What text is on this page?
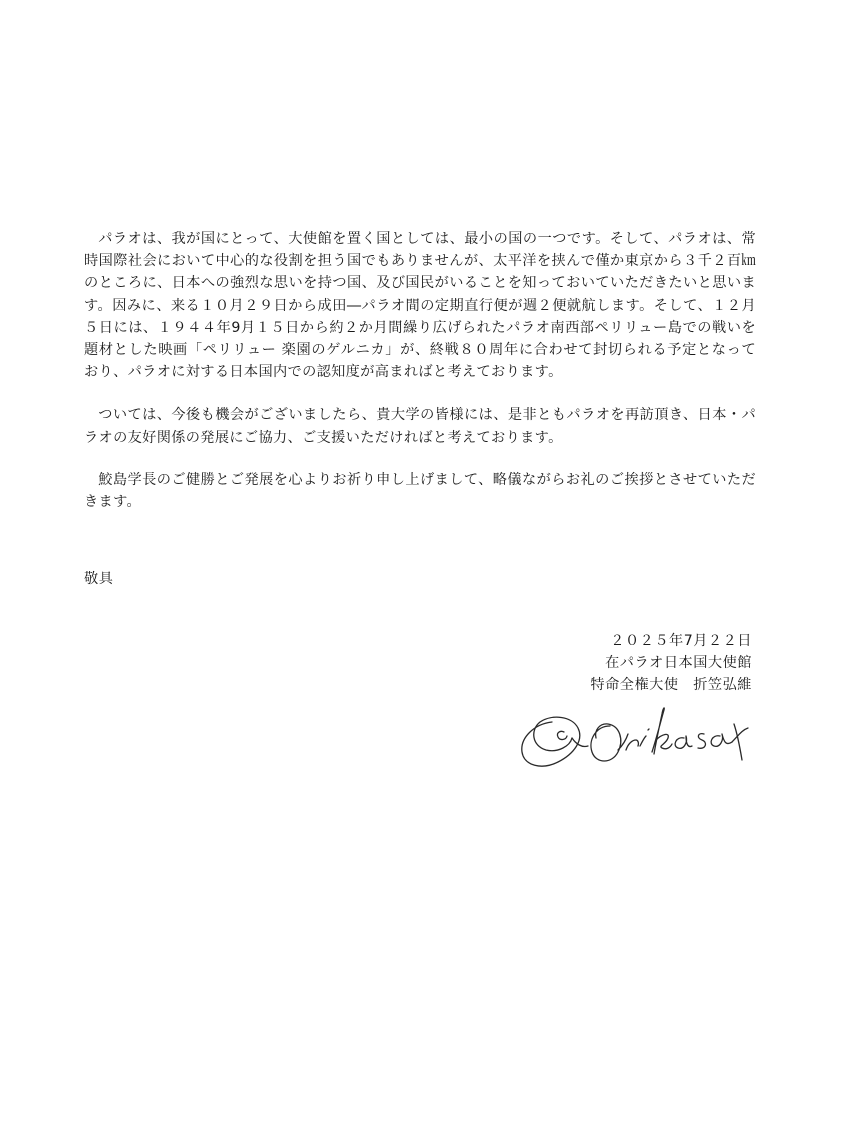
パラオは、我が国にとって、大使館を置く国としては、最小の国の一つです。そして、パラオは、常時国際社会において中心的な役割を担う国でもありませんが、太平洋を挟んで僅か東京から３千２百㎞のところに、日本への強烈な思いを持つ国、及び国民がいることを知っておいていただきたいと思います。因みに、来る１０月２９日から成田―パラオ間の定期直行便が週２便就航します。そして、１２月５日には、１９４４年9月１５日から約２か月間繰り広げられたパラオ南西部ペリリュー島での戦いを題材とした映画「ペリリュー 楽園のゲルニカ」が、終戦８０周年に合わせて封切られる予定となっており、パラオに対する日本国内での認知度が高まればと考えております。

ついては、今後も機会がございましたら、貴大学の皆様には、是非ともパラオを再訪頂き、日本・パラオの友好関係の発展にご協力、ご支援いただければと考えております。

鮫島学長のご健勝とご発展を心よりお祈り申し上げまして、略儀ながらお礼のご挨拶とさせていただきます。

敬具
２０２５年7月２２日
在パラオ日本国大使館
特命全権大使　折笠弘維
